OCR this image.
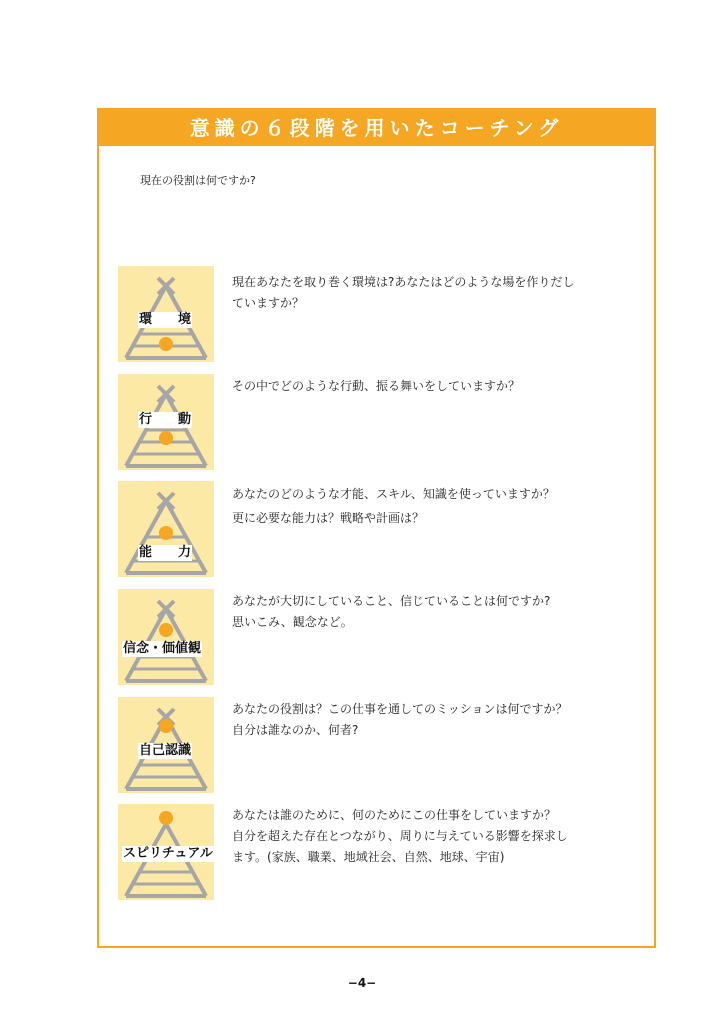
意識の６段階を用いたコーチング
現在の役割は何ですか?
環　　境

現在あなたを取り巻く環境は?あなたはどのような場を作りだし

ていますか？

行　　動

その中でどのような行動、振る舞いをしていますか？

能　　力

あなたのどのような才能、スキル、知識を使っていますか？

更に必要な能力は？戦略や計画は？

信念・価値観

あなたが大切にしていること、信じていることは何ですか?

思いこみ、観念など。

自己認識

あなたの役割は？この仕事を通してのミッションは何ですか？

自分は誰なのか、何者?

スピリチュアル

あなたは誰のために、何のためにこの仕事をしていますか？

自分を超えた存在とつながり、周りに与えている影響を探求し

ます。(家族、職業、地域社会、自然、地球、宇宙)

−4−
